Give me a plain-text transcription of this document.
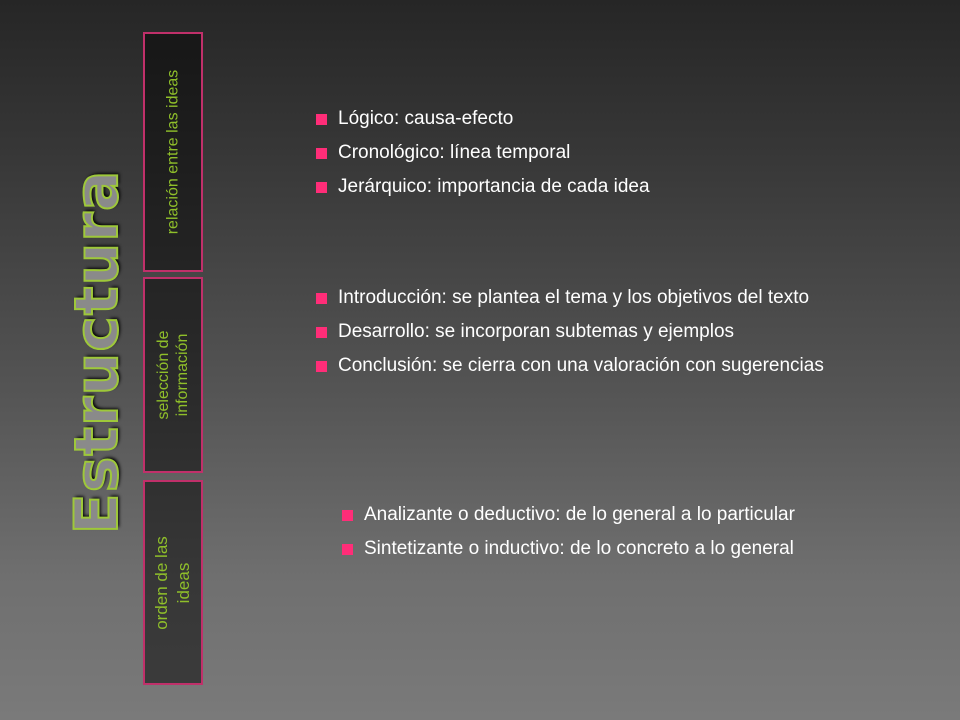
Estructura
relación entre las ideas
selección de información
orden de las ideas
Lógico: causa-efecto
Cronológico: línea temporal
Jerárquico: importancia de cada idea
Introducción: se plantea el tema y los objetivos del texto
Desarrollo: se incorporan subtemas y ejemplos
Conclusión: se cierra con una valoración con sugerencias
Analizante o deductivo: de lo general a lo particular
Sintetizante o inductivo: de lo concreto a lo general
